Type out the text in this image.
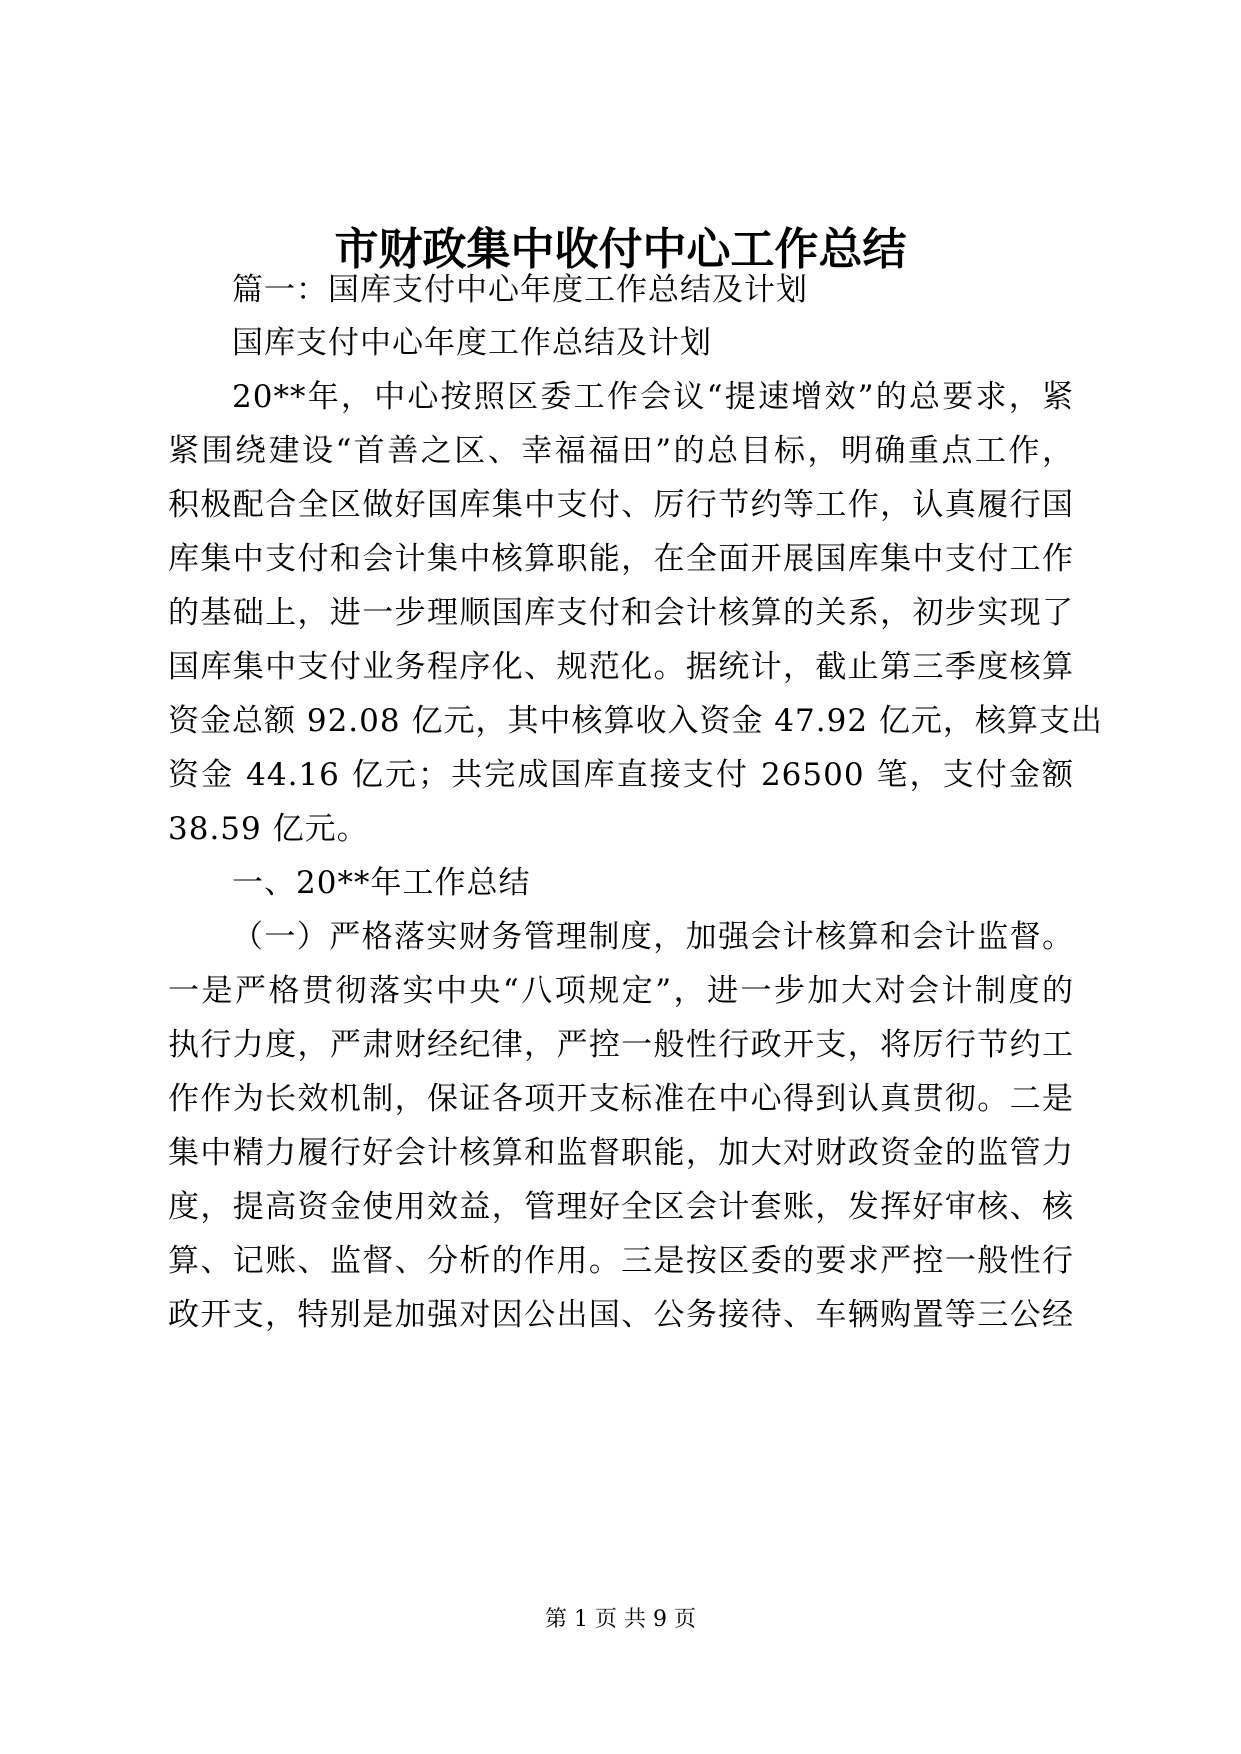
市财政集中收付中心工作总结
篇一：国库支付中心年度工作总结及计划
国库支付中心年度工作总结及计划
20**年，中心按照区委工作会议“提速增效”的总要求，紧
紧围绕建设“首善之区、幸福福田”的总目标，明确重点工作，
积极配合全区做好国库集中支付、厉行节约等工作，认真履行国
库集中支付和会计集中核算职能，在全面开展国库集中支付工作
的基础上，进一步理顺国库支付和会计核算的关系，初步实现了
国库集中支付业务程序化、规范化。据统计，截止第三季度核算
资金总额 92.08 亿元，其中核算收入资金 47.92 亿元，核算支出
资金 44.16 亿元；共完成国库直接支付 26500 笔，支付金额
38.59 亿元。
一、20**年工作总结
（一）严格落实财务管理制度，加强会计核算和会计监督。
一是严格贯彻落实中央“八项规定”，进一步加大对会计制度的
执行力度，严肃财经纪律，严控一般性行政开支，将厉行节约工
作作为长效机制，保证各项开支标准在中心得到认真贯彻。二是
集中精力履行好会计核算和监督职能，加大对财政资金的监管力
度，提高资金使用效益，管理好全区会计套账，发挥好审核、核
算、记账、监督、分析的作用。三是按区委的要求严控一般性行
政开支，特别是加强对因公出国、公务接待、车辆购置等三公经
第 1 页 共 9 页
